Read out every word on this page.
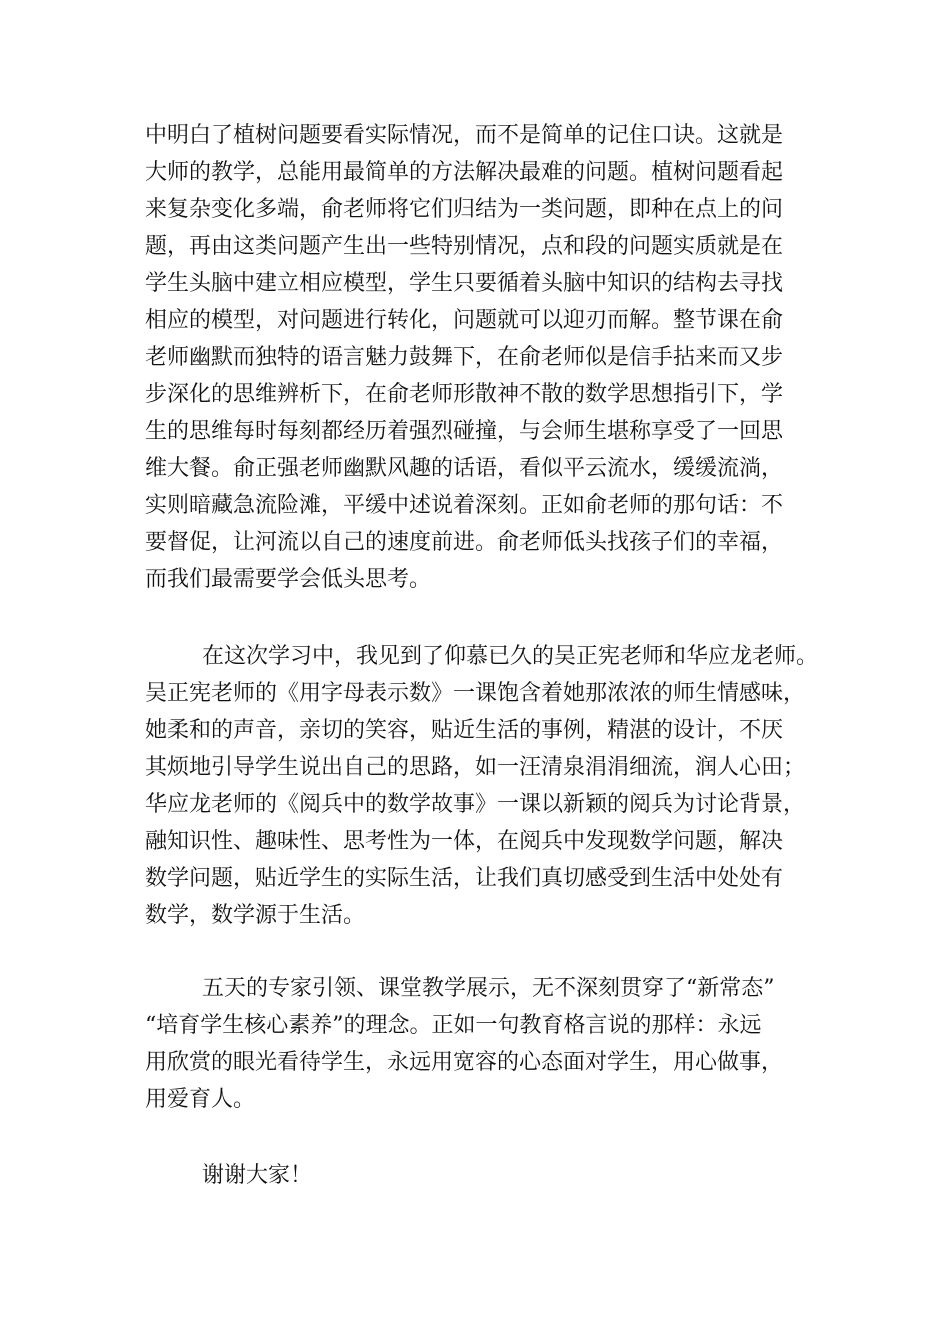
中明白了植树问题要看实际情况，而不是简单的记住口诀。这就是
大师的教学，总能用最简单的方法解决最难的问题。植树问题看起
来复杂变化多端，俞老师将它们归结为一类问题，即种在点上的问
题，再由这类问题产生出一些特别情况，点和段的问题实质就是在
学生头脑中建立相应模型，学生只要循着头脑中知识的结构去寻找
相应的模型，对问题进行转化，问题就可以迎刃而解。整节课在俞
老师幽默而独特的语言魅力鼓舞下，在俞老师似是信手拈来而又步
步深化的思维辨析下，在俞老师形散神不散的数学思想指引下，学
生的思维每时每刻都经历着强烈碰撞，与会师生堪称享受了一回思
维大餐。俞正强老师幽默风趣的话语，看似平云流水，缓缓流淌，
实则暗藏急流险滩，平缓中述说着深刻。正如俞老师的那句话：不
要督促，让河流以自己的速度前进。俞老师低头找孩子们的幸福，
而我们最需要学会低头思考。
在这次学习中，我见到了仰慕已久的吴正宪老师和华应龙老师。
吴正宪老师的《用字母表示数》一课饱含着她那浓浓的师生情感味，
她柔和的声音，亲切的笑容，贴近生活的事例，精湛的设计，不厌
其烦地引导学生说出自己的思路，如一汪清泉涓涓细流，润人心田；
华应龙老师的《阅兵中的数学故事》一课以新颖的阅兵为讨论背景，
融知识性、趣味性、思考性为一体，在阅兵中发现数学问题，解决
数学问题，贴近学生的实际生活，让我们真切感受到生活中处处有
数学，数学源于生活。
五天的专家引领、课堂教学展示，无不深刻贯穿了“新常态”
“培育学生核心素养”的理念。正如一句教育格言说的那样：永远
用欣赏的眼光看待学生，永远用宽容的心态面对学生，用心做事，
用爱育人。
谢谢大家！
